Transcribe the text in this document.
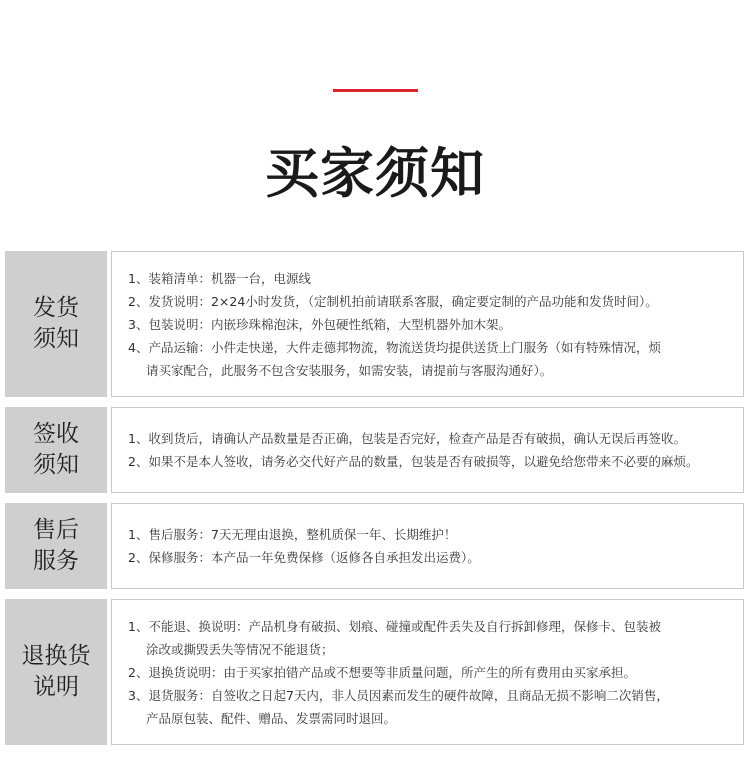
买家须知
发货
须知
1、装箱清单：机器一台，电源线
2、发货说明：2×24小时发货，（定制机拍前请联系客服，确定要定制的产品功能和发货时间）。
3、包装说明：内嵌珍珠棉泡沫，外包硬性纸箱，大型机器外加木架。
4、产品运输：小件走快递，大件走德邦物流，物流送货均提供送货上门服务（如有特殊情况，烦
请买家配合，此服务不包含安装服务，如需安装，请提前与客服沟通好）。
签收
须知
1、收到货后，请确认产品数量是否正确，包装是否完好，检查产品是否有破损，确认无误后再签收。
2、如果不是本人签收，请务必交代好产品的数量，包装是否有破损等，以避免给您带来不必要的麻烦。
售后
服务
1、售后服务：7天无理由退换，整机质保一年、长期维护！
2、保修服务：本产品一年免费保修（返修各自承担发出运费）。
退换货
说明
1、不能退、换说明：产品机身有破损、划痕、碰撞或配件丢失及自行拆卸修理，保修卡、包装被
涂改或撕毁丢失等情况不能退货；
2、退换货说明：由于买家拍错产品或不想要等非质量问题，所产生的所有费用由买家承担。
3、退货服务：自签收之日起7天内，非人员因素而发生的硬件故障，且商品无损不影响二次销售，
产品原包装、配件、赠品、发票需同时退回。
